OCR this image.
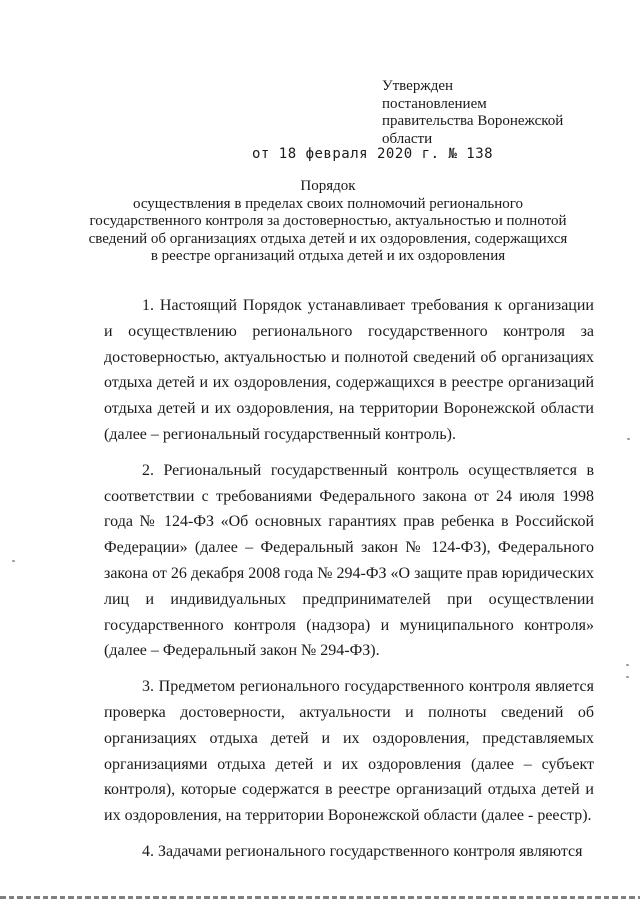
Утвержден
постановлением
правительства Воронежской
области
от 18 февраля 2020 г. № 138
Порядок
осуществления в пределах своих полномочий регионального
государственного контроля за достоверностью, актуальностью и полнотой
сведений об организациях отдыха детей и их оздоровления, содержащихся
в реестре организаций отдыха детей и их оздоровления

1. Настоящий Порядок устанавливает требования к организации и осуществлению регионального государственного контроля за достоверностью, актуальностью и полнотой сведений об организациях отдыха детей и их оздоровления, содержащихся в реестре организаций отдыха детей и их оздоровления, на территории Воронежской области (далее – региональный государственный контроль).

2. Региональный государственный контроль осуществляется в соответствии с требованиями Федерального закона от 24 июля 1998 года № 124-ФЗ «Об основных гарантиях прав ребенка в Российской Федерации» (далее – Федеральный закон № 124-ФЗ), Федерального закона от 26 декабря 2008 года № 294-ФЗ «О защите прав юридических лиц и индивидуальных предпринимателей при осуществлении государственного контроля (надзора) и муниципального контроля» (далее – Федеральный закон № 294-ФЗ).

3. Предметом регионального государственного контроля является проверка достоверности, актуальности и полноты сведений об организациях отдыха детей и их оздоровления, представляемых организациями отдыха детей и их оздоровления (далее – субъект контроля), которые содержатся в реестре организаций отдыха детей и их оздоровления, на территории Воронежской области (далее - реестр).

4. Задачами регионального государственного контроля являются
